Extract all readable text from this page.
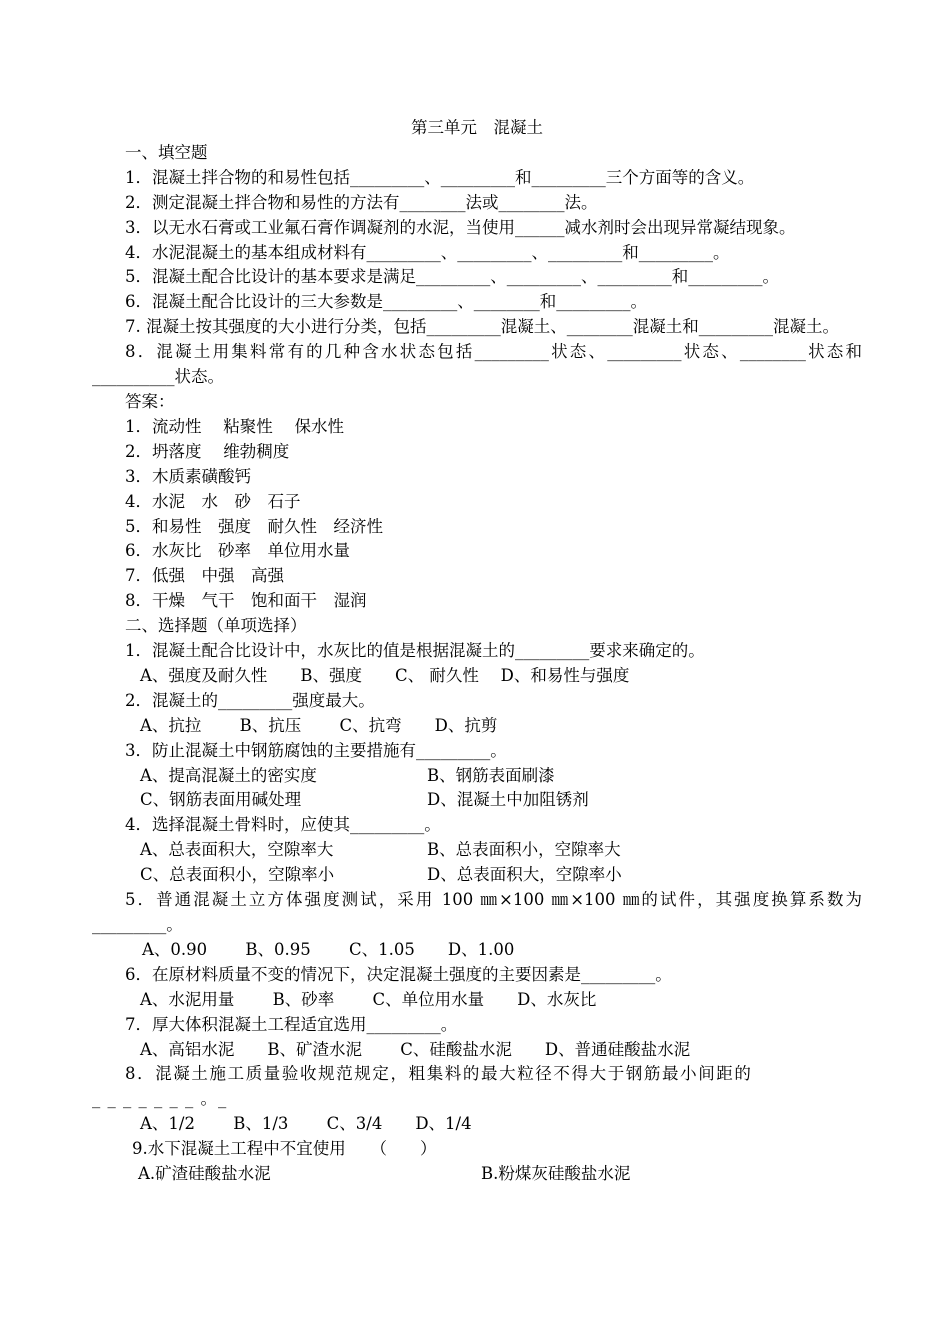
第三单元　混凝土
一、填空题
1．混凝土拌合物的和易性包括_________、_________和_________三个方面等的含义。
2．测定混凝土拌合物和易性的方法有________法或________法。
3．以无水石膏或工业氟石膏作调凝剂的水泥，当使用______减水剂时会出现异常凝结现象。
4．水泥混凝土的基本组成材料有_________、_________、_________和_________。
5．混凝土配合比设计的基本要求是满足_________、_________、_________和_________。
6．混凝土配合比设计的三大参数是_________、________和_________。
7. 混凝土按其强度的大小进行分类，包括_________混凝土、________混凝土和_________混凝土。
8．混凝土用集料常有的几种含水状态包括_________状态、_________状态、________状态和__________状态。
答案：
1．流动性　 粘聚性　 保水性
2．坍落度　 维勃稠度
3．木质素磺酸钙
4．水泥　水　砂　石子
5．和易性　强度　耐久性　经济性
6．水灰比　砂率　单位用水量
7．低强　中强　高强
8．干燥　气干　饱和面干　湿润
二、选择题（单项选择）
1．混凝土配合比设计中，水灰比的值是根据混凝土的_________要求来确定的。
A、强度及耐久性　　B、强度　　C、 耐久性　 D、和易性与强度
2．混凝土的_________强度最大。
A、抗拉　　 B、抗压　　 C、抗弯　　D、抗剪
3．防止混凝土中钢筋腐蚀的主要措施有_________。
A、提高混凝土的密实度	B、钢筋表面刷漆
C、钢筋表面用碱处理	D、混凝土中加阻锈剂
4．选择混凝土骨料时，应使其_________。
A、总表面积大，空隙率大	B、总表面积小，空隙率大
C、总表面积小，空隙率小	D、总表面积大，空隙率小
5．普通混凝土立方体强度测试，采用 100 ㎜×100 ㎜×100 ㎜的试件，其强度换算系数为_________。
A、0.90　　 B、0.95　　 C、1.05　　D、1.00
6．在原材料质量不变的情况下，决定混凝土强度的主要因素是_________。
A、水泥用量　　 B、砂率　　 C、单位用水量　　D、水灰比
7．厚大体积混凝土工程适宜选用_________。
A、高铝水泥　　B、矿渣水泥　　 C、硅酸盐水泥　　D、普通硅酸盐水泥
8．混凝土施工质量验收规范规定，粗集料的最大粒径不得大于钢筋最小间距的
_ _ _ _ _ _ _ 。_
A、1/2　　 B、1/3　　 C、3/4　　D、1/4
9.水下混凝土工程中不宜使用　　（　　）
A.矿渣硅酸盐水泥	B.粉煤灰硅酸盐水泥
